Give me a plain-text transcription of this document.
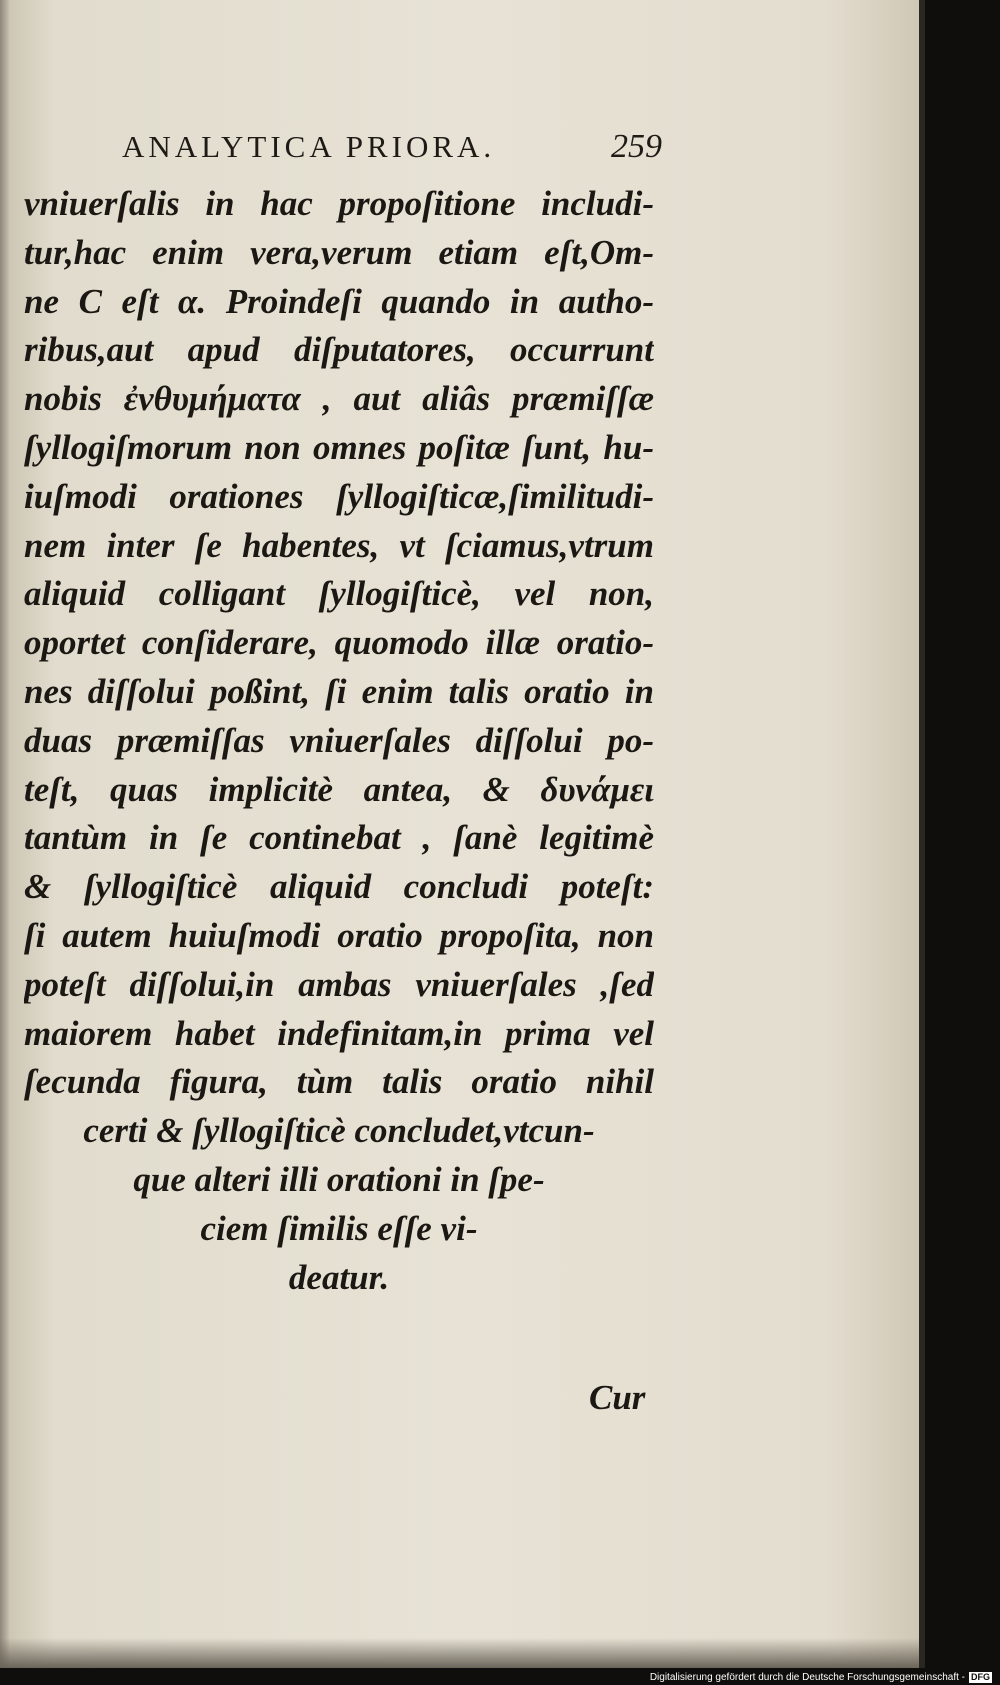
ANALYTICA PRIORA.	259
vniuerſalis in hac propoſitione includi-
tur,hac enim vera,verum etiam eſt,Om-
ne C eſt α. Proindeſi quando in autho-
ribus,aut apud diſputatores, occurrunt
nobis ἐνθυμήματα , aut aliâs præmiſſæ
ſyllogiſmorum non omnes poſitæ ſunt, hu-
iuſmodi orationes ſyllogiſticæ,ſimilitudi-
nem inter ſe habentes, vt ſciamus,vtrum
aliquid colligant ſyllogiſticè, vel non,
oportet conſiderare, quomodo illæ oratio-
nes diſſolui poßint, ſi enim talis oratio in
duas præmiſſas vniuerſales diſſolui po-
teſt, quas implicitè antea, & δυνάμει
tantùm in ſe continebat , ſanè legitimè
& ſyllogiſticè aliquid concludi poteſt:
ſi autem huiuſmodi oratio propoſita, non
poteſt diſſolui,in ambas vniuerſales ,ſed
maiorem habet indefinitam,in prima vel
ſecunda figura, tùm talis oratio nihil
certi & ſyllogiſticè concludet,vtcun-
que alteri illi orationi in ſpe-
ciem ſimilis eſſe vi-
deatur.
Cur
Digitalisierung gefördert durch die Deutsche Forschungsgemeinschaft - DFG
